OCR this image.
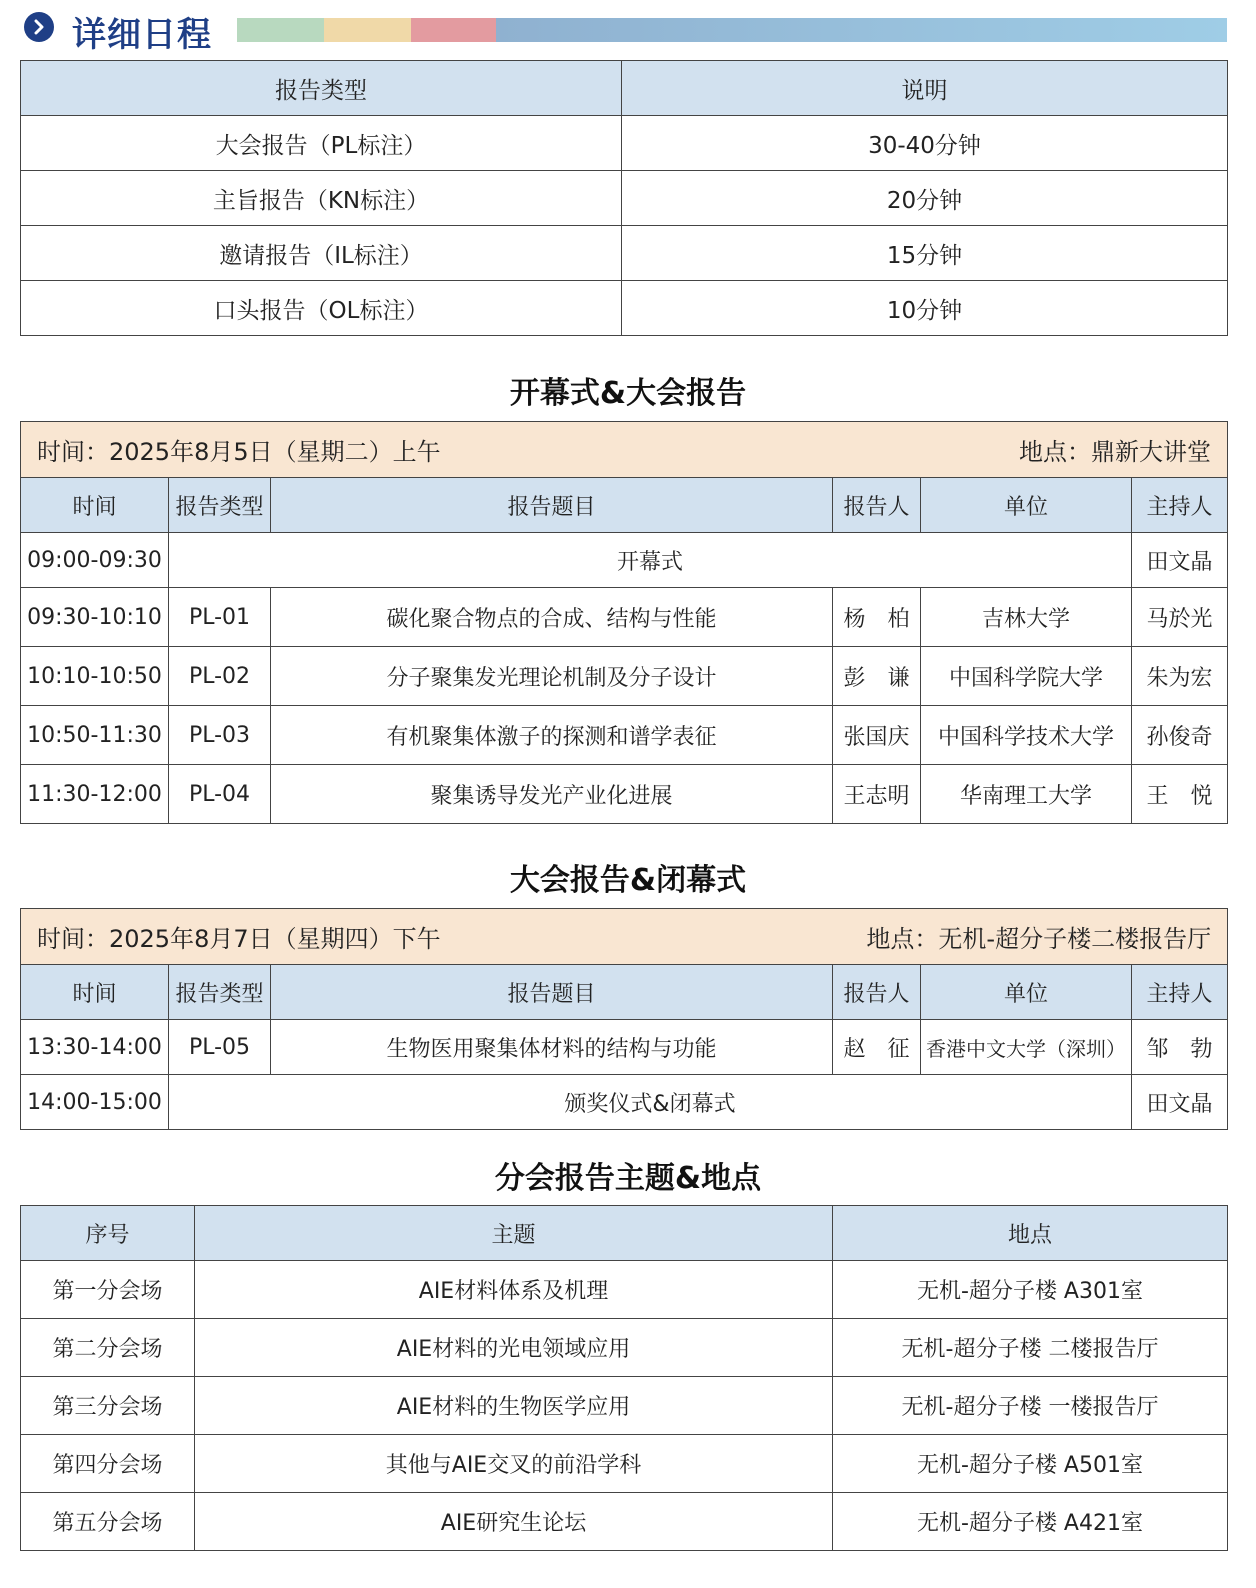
详细日程
报告类型	说明
大会报告（PL标注）	30-40分钟
主旨报告（KN标注）	20分钟
邀请报告（IL标注）	15分钟
口头报告（OL标注）	10分钟
开幕式&大会报告
时间：2025年8月5日（星期二）上午 地点：鼎新大讲堂					

时间	报告类型	报告题目	报告人	单位	主持人
09:00-09:30	开幕式				田文晶
09:30-10:10	PL-01	碳化聚合物点的合成、结构与性能	杨　柏	吉林大学	马於光
10:10-10:50	PL-02	分子聚集发光理论机制及分子设计	彭　谦	中国科学院大学	朱为宏
10:50-11:30	PL-03	有机聚集体激子的探测和谱学表征	张国庆	中国科学技术大学	孙俊奇
11:30-12:00	PL-04	聚集诱导发光产业化进展	王志明	华南理工大学	王　悦
大会报告&闭幕式
时间：2025年8月7日（星期四）下午 地点：无机-超分子楼二楼报告厅					

时间	报告类型	报告题目	报告人	单位	主持人
13:30-14:00	PL-05	生物医用聚集体材料的结构与功能	赵　征	香港中文大学（深圳）	邹　勃
14:00-15:00	颁奖仪式&闭幕式				田文晶
分会报告主题&地点
序号	主题	地点
第一分会场	AIE材料体系及机理	无机-超分子楼 A301室
第二分会场	AIE材料的光电领域应用	无机-超分子楼 二楼报告厅
第三分会场	AIE材料的生物医学应用	无机-超分子楼 一楼报告厅
第四分会场	其他与AIE交叉的前沿学科	无机-超分子楼 A501室
第五分会场	AIE研究生论坛	无机-超分子楼 A421室
